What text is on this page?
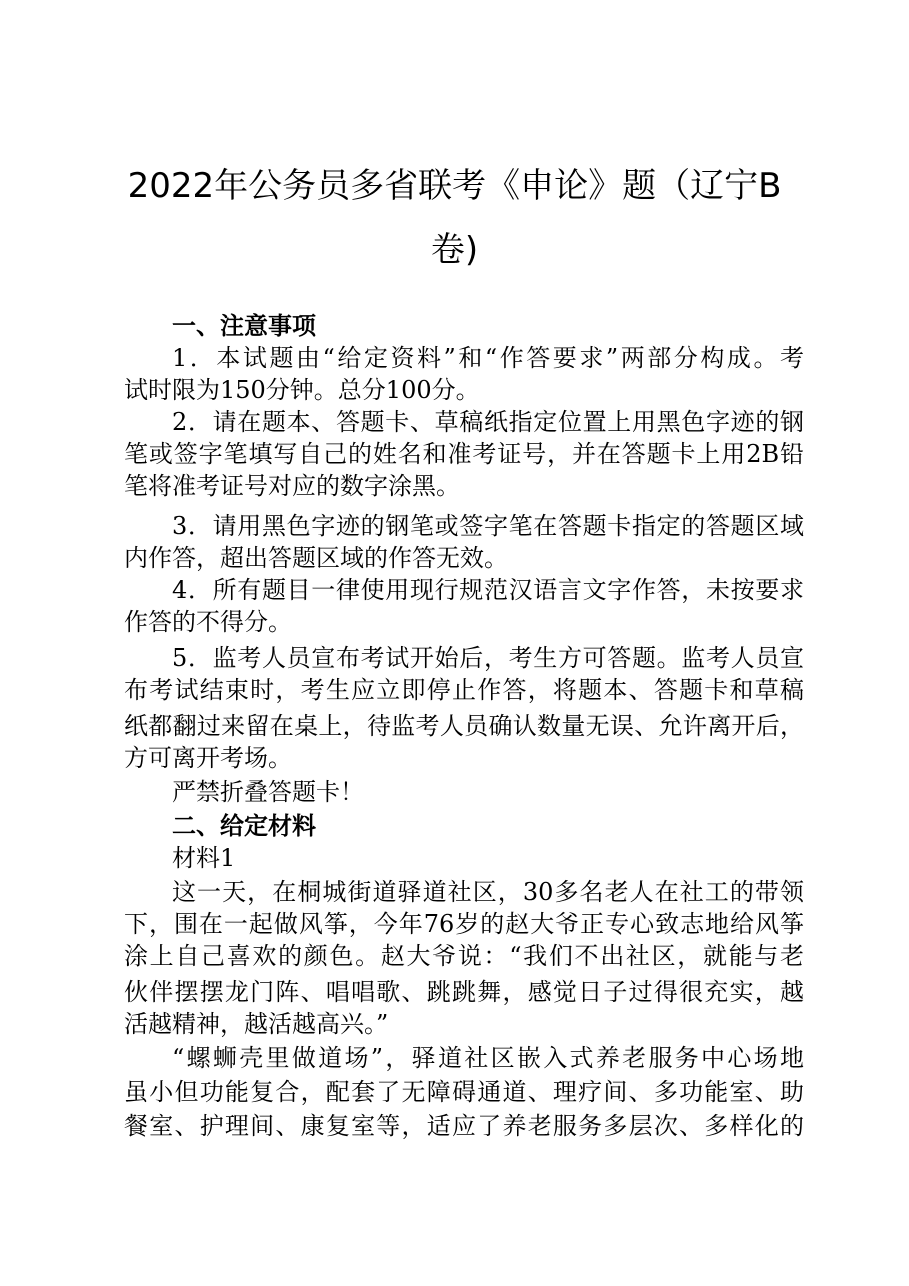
2022年公务员多省联考《申论》题（辽宁B
卷)
一、注意事项
1．本试题由“给定资料”和“作答要求”两部分构成。考
试时限为150分钟。总分100分。
2．请在题本、答题卡、草稿纸指定位置上用黑色字迹的钢
笔或签字笔填写自己的姓名和准考证号，并在答题卡上用2B铅
笔将准考证号对应的数字涂黑。
3．请用黑色字迹的钢笔或签字笔在答题卡指定的答题区域
内作答，超出答题区域的作答无效。
4．所有题目一律使用现行规范汉语言文字作答，未按要求
作答的不得分。
5．监考人员宣布考试开始后，考生方可答题。监考人员宣
布考试结束时，考生应立即停止作答，将题本、答题卡和草稿
纸都翻过来留在桌上，待监考人员确认数量无误、允许离开后，
方可离开考场。
严禁折叠答题卡！
二、给定材料
材料1
这一天，在桐城街道驿道社区，30多名老人在社工的带领
下，围在一起做风筝，今年76岁的赵大爷正专心致志地给风筝
涂上自己喜欢的颜色。赵大爷说：“我们不出社区，就能与老
伙伴摆摆龙门阵、唱唱歌、跳跳舞，感觉日子过得很充实，越
活越精神，越活越高兴。”
“螺蛳壳里做道场”，驿道社区嵌入式养老服务中心场地
虽小但功能复合，配套了无障碍通道、理疗间、多功能室、助
餐室、护理间、康复室等，适应了养老服务多层次、多样化的
